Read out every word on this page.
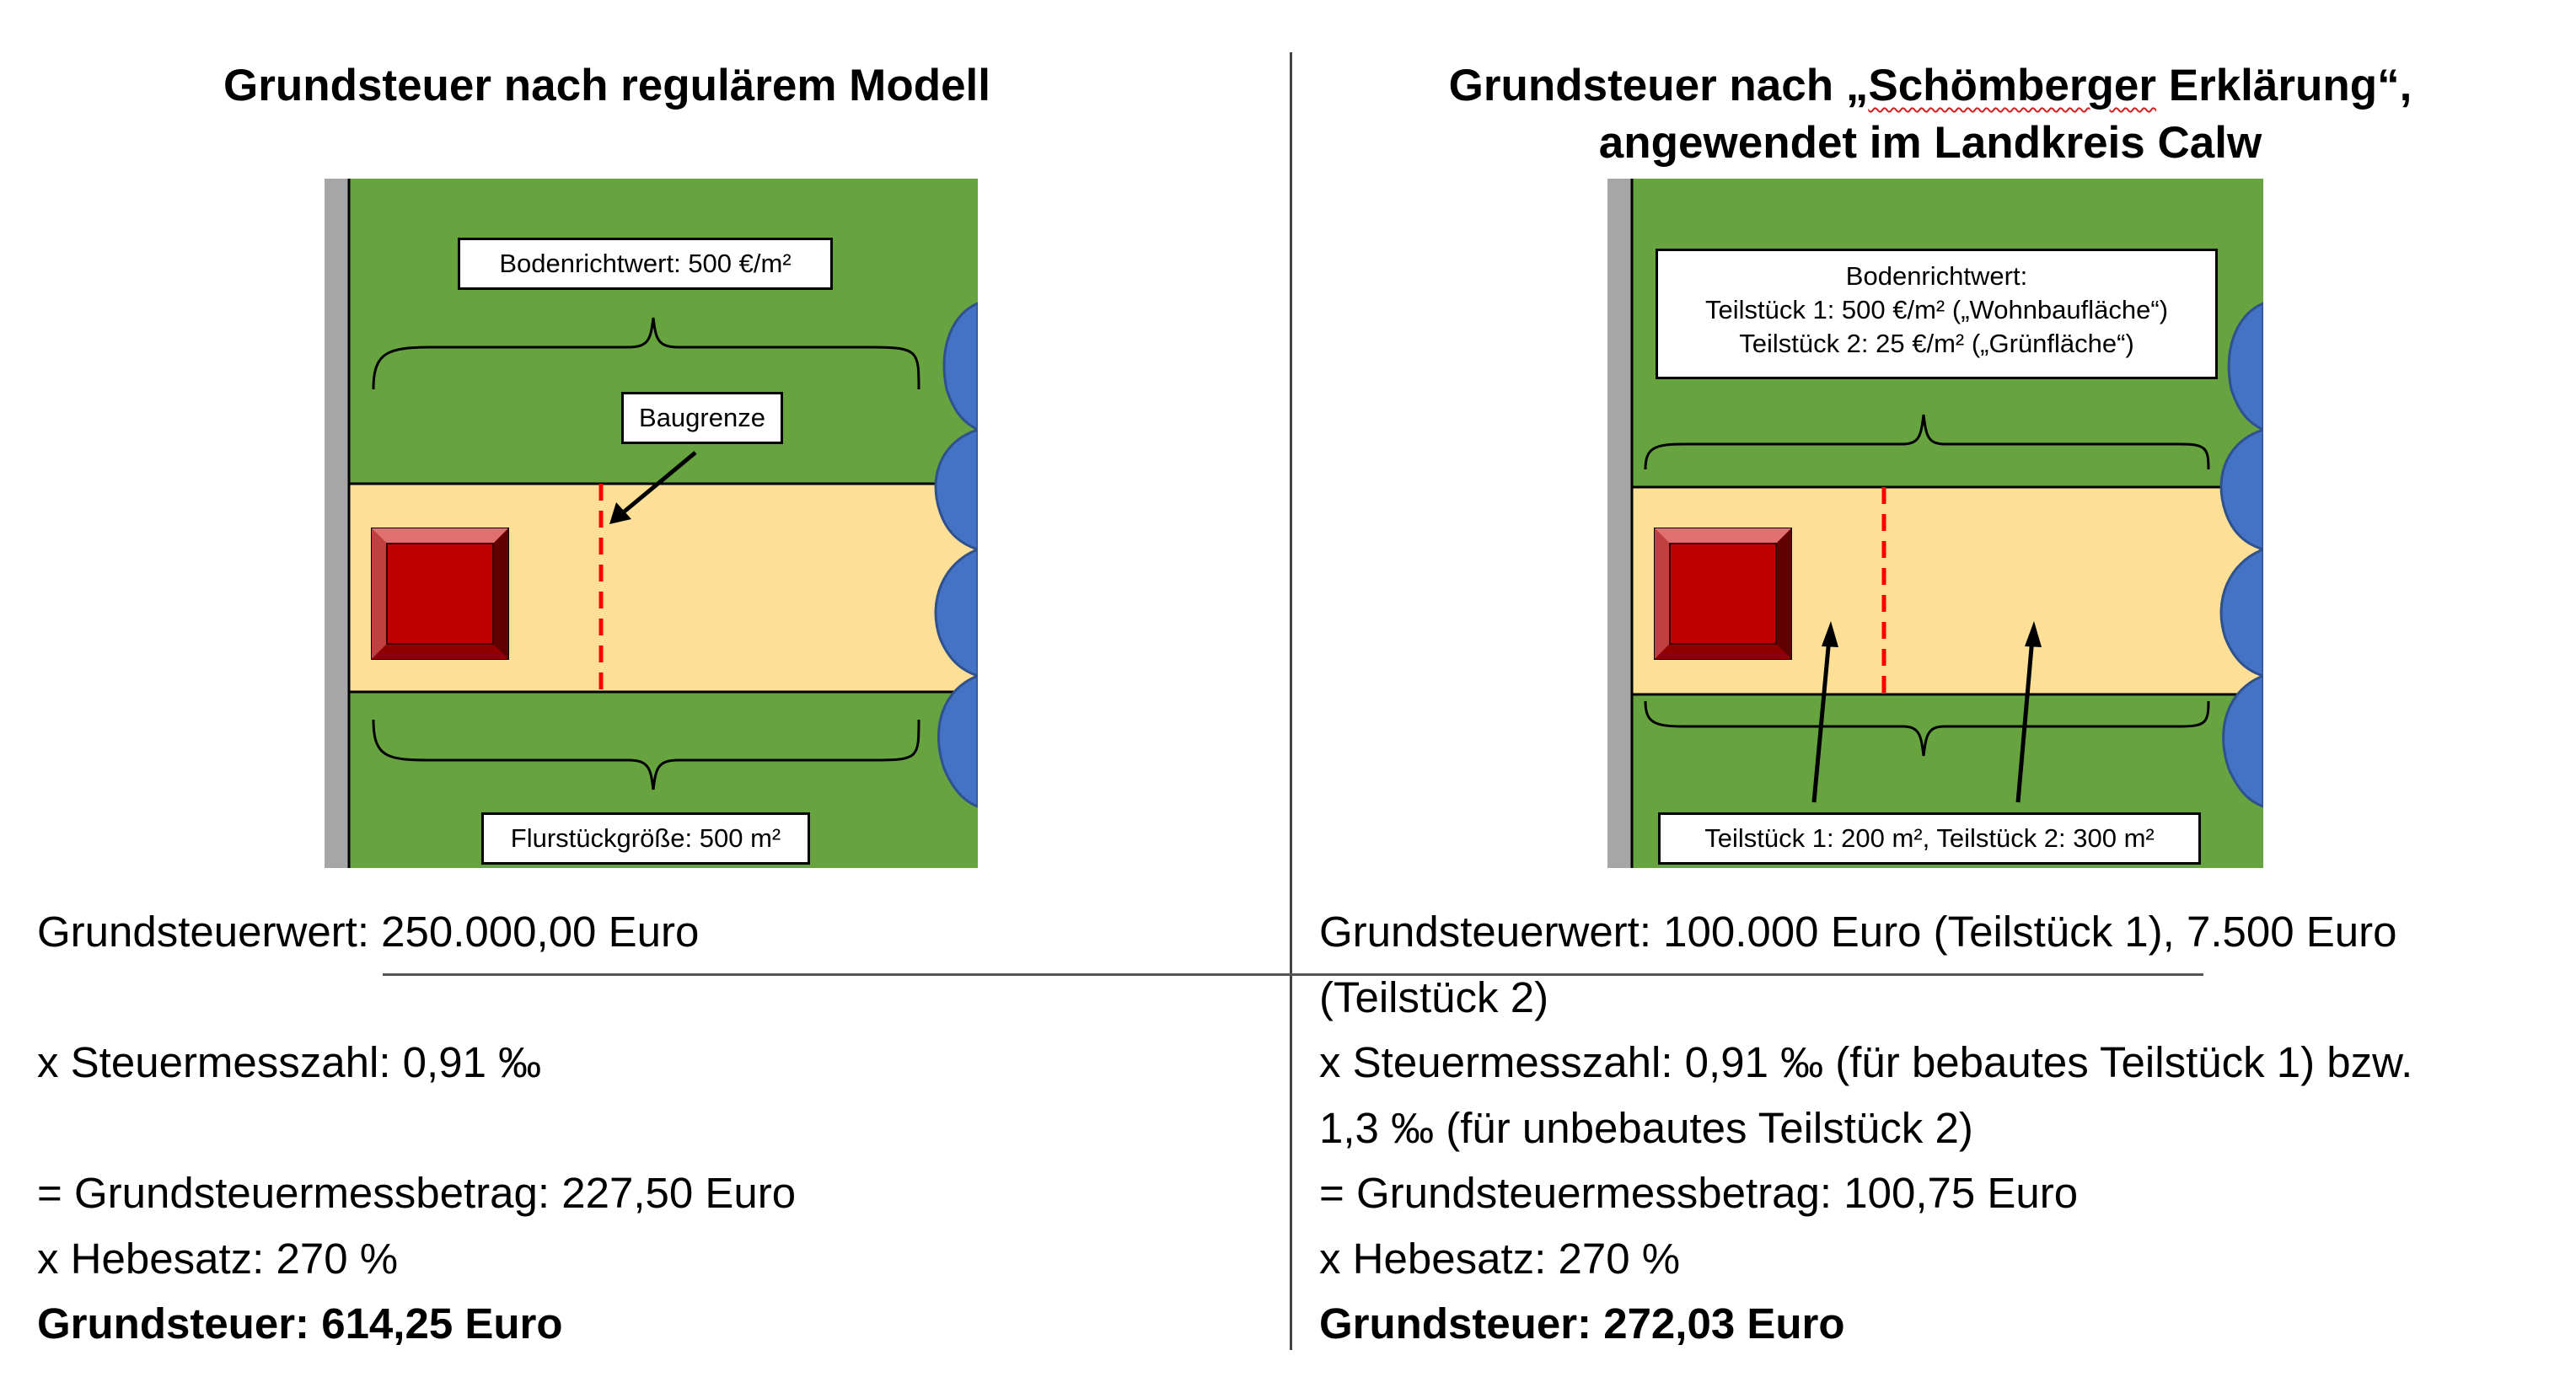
Grundsteuer nach regulärem Modell	Grundsteuer nach „Schömberger Erklärung“,
angewendet im Landkreis Calw
Bodenrichtwert: 500 €/m²
Baugrenze
Flurstückgröße: 500 m²
Bodenrichtwert:
Teilstück 1: 500 €/m² („Wohnbaufläche“)
Teilstück 2: 25 €/m² („Grünfläche“)
Teilstück 1: 200 m², Teilstück 2: 300 m²
Grundsteuerwert: 250.000,00 Euro

x Steuermesszahl: 0,91 ‰

= Grundsteuermessbetrag: 227,50 Euro
x Hebesatz: 270 %
Grundsteuer: 614,25 Euro
Grundsteuerwert: 100.000 Euro (Teilstück 1), 7.500 Euro
(Teilstück 2)
x Steuermesszahl: 0,91 ‰ (für bebautes Teilstück 1) bzw.
1,3 ‰ (für unbebautes Teilstück 2)
= Grundsteuermessbetrag: 100,75 Euro
x Hebesatz: 270 %
Grundsteuer: 272,03 Euro
